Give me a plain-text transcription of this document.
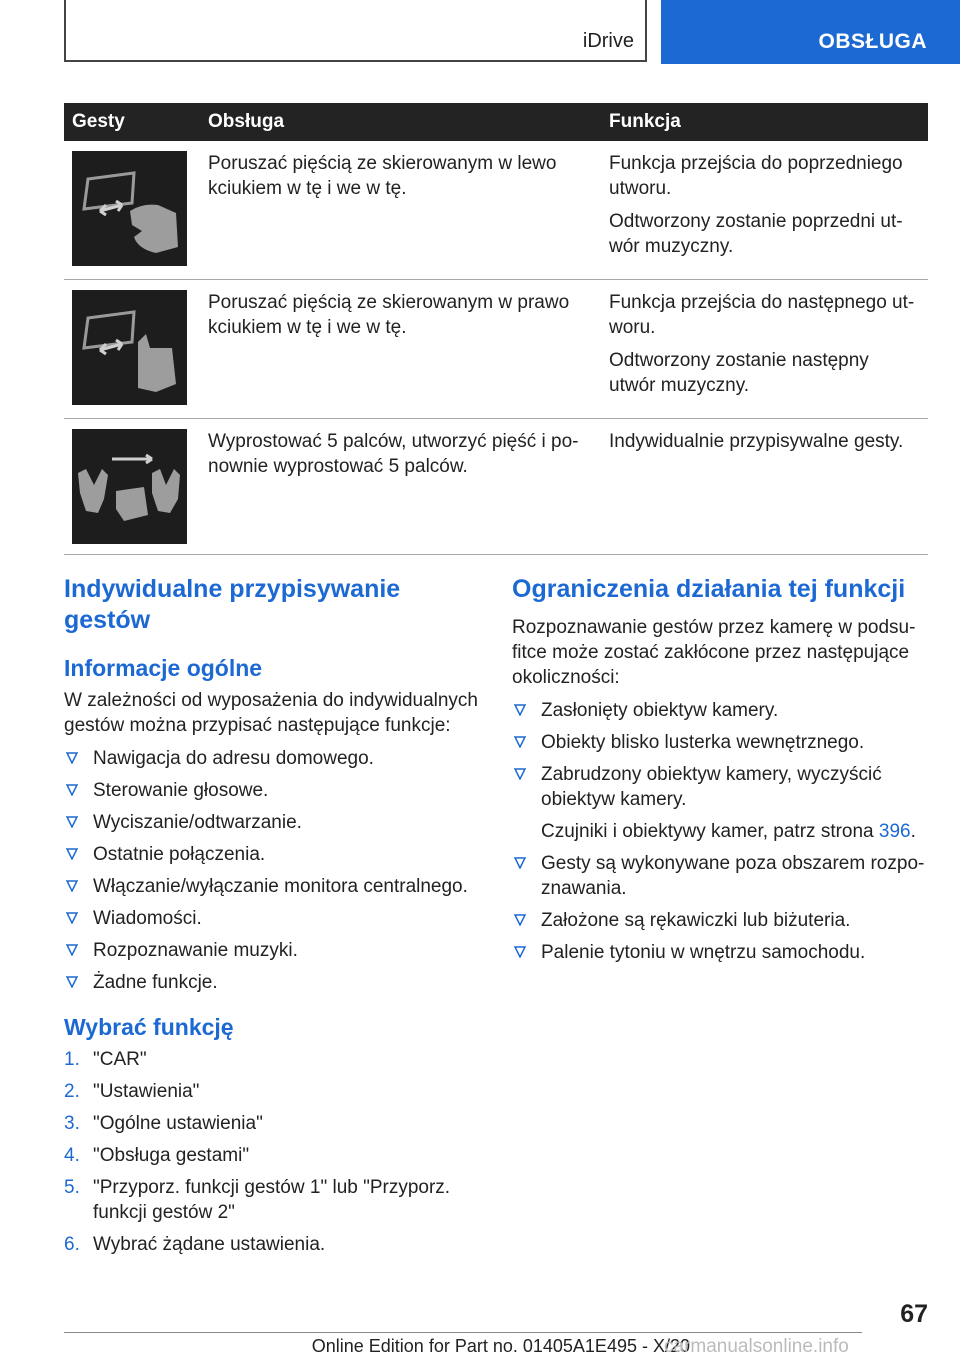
iDrive	OBSŁUGA
Gesty	Obsługa	Funkcja

Poruszać pięścią ze skierowanym w lewo kciukiem w tę i we w tę.	Funkcja przejścia do poprzedniego utworu.

Odtworzony zostanie poprzedni ut-wór muzyczny.

Poruszać pięścią ze skierowanym w prawo kciukiem w tę i we w tę.	Funkcja przejścia do następnego ut-woru.

Odtworzony zostanie następny utwór muzyczny.

Wyprostować 5 palców, utworzyć pięść i po-nownie wyprostować 5 palców.	Indywidualnie przypisywalne gesty.

Indywidualne przypisywanie gestów
Informacje ogólne

W zależności od wyposażenia do indywidualnych gestów można przypisać następujące funkcje:

Nawigacja do adresu domowego.
Sterowanie głosowe.
Wyciszanie/odtwarzanie.
Ostatnie połączenia.
Włączanie/wyłączanie monitora centralnego.
Wiadomości.
Rozpoznawanie muzyki.
Żadne funkcje.
Wybrać funkcję
1. "CAR"
2. "Ustawienia"
3. "Ogólne ustawienia"
4. "Obsługa gestami"
5. "Przyporz. funkcji gestów 1" lub "Przyporz. funkcji gestów 2"
6. Wybrać żądane ustawienia.
Ograniczenia działania tej funkcji

Rozpoznawanie gestów przez kamerę w podsu-fitce może zostać zakłócone przez następujące okoliczności:

Zasłonięty obiektyw kamery.
Obiekty blisko lusterka wewnętrznego.
Zabrudzony obiektyw kamery, wyczyścić obiektyw kamery.
Czujniki i obiektywy kamer, patrz strona 396.
Gesty są wykonywane poza obszarem rozpo-znawania.
Założone są rękawiczki lub biżuteria.
Palenie tytoniu w wnętrzu samochodu.
67
Online Edition for Part no. 01405A1E495 - X/20
carmanualsonline.info
